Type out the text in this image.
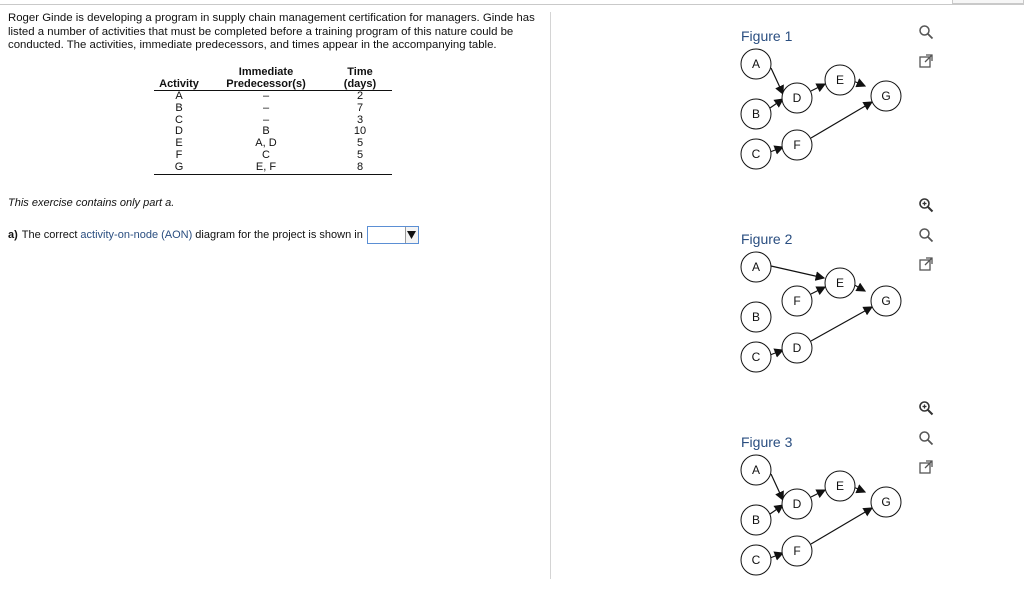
Roger Ginde is developing a program in supply chain management certification for managers. Ginde has listed a number of activities that must be completed before a training program of this nature could be conducted. The activities, immediate predecessors, and times appear in the accompanying table.
Activity	Immediate Predecessor(s)	Time (days)
A	–	2
B	–	7
C	–	3
D	B	10
E	A, D	5
F	C	5
G	E, F	8
This exercise contains only part a.
a) The correct activity-on-node (AON) diagram for the project is shown in
Figure 1
A
B
C
D
E
F
G
Figure 2
A
B
C
F
E
D
G
Figure 3
A
B
C
D
E
F
G
